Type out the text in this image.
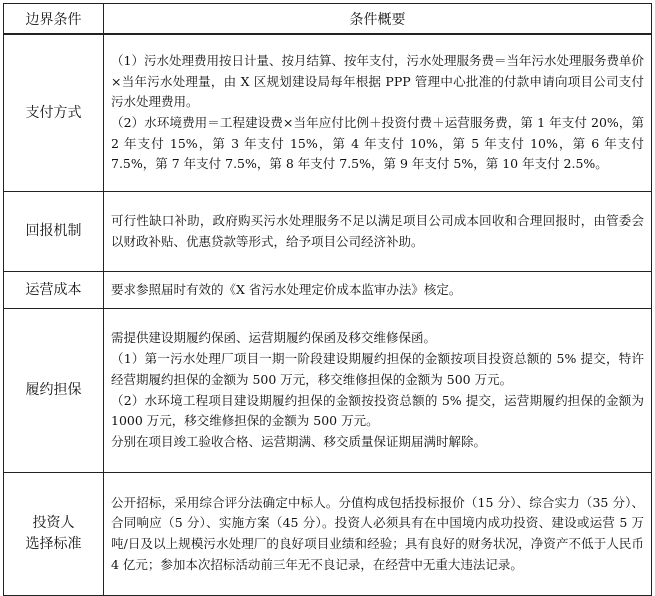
边界条件	条件概要
支付方式	（1）污水处理费用按日计量、按月结算、按年支付，污水处理服务费＝当年污水处理服务费单价×当年污水处理量，由 X 区规划建设局每年根据 PPP 管理中心批准的付款申请向项目公司支付污水处理费用。

（2）水环境费用＝工程建设费×当年应付比例＋投资付费＋运营服务费，第 1 年支付 20%，第 2 年支付 15%，第 3 年支付 15%，第 4 年支付 10%，第 5 年支付 10%，第 6 年支付 7.5%，第 7 年支付 7.5%，第 8 年支付 7.5%，第 9 年支付 5%，第 10 年支付 2.5%。

回报机制	可行性缺口补助，政府购买污水处理服务不足以满足项目公司成本回收和合理回报时，由管委会以财政补贴、优惠贷款等形式，给予项目公司经济补助。

运营成本	要求参照届时有效的《X 省污水处理定价成本监审办法》核定。

履约担保	需提供建设期履约保函、运营期履约保函及移交维修保函。

（1）第一污水处理厂项目一期一阶段建设期履约担保的金额按项目投资总额的 5% 提交，特许经营期履约担保的金额为 500 万元，移交维修担保的金额为 500 万元。

（2）水环境工程项目建设期履约担保的金额按投资总额的 5% 提交，运营期履约担保的金额为 1000 万元，移交维修担保的金额为 500 万元。

分别在项目竣工验收合格、运营期满、移交质量保证期届满时解除。

投资人
选择标准	公开招标，采用综合评分法确定中标人。分值构成包括投标报价（15 分）、综合实力（35 分）、合同响应（5 分）、实施方案（45 分）。投资人必须具有在中国境内成功投资、建设或运营 5 万吨/日及以上规模污水处理厂的良好项目业绩和经验；具有良好的财务状况，净资产不低于人民币 4 亿元；参加本次招标活动前三年无不良记录，在经营中无重大违法记录。
